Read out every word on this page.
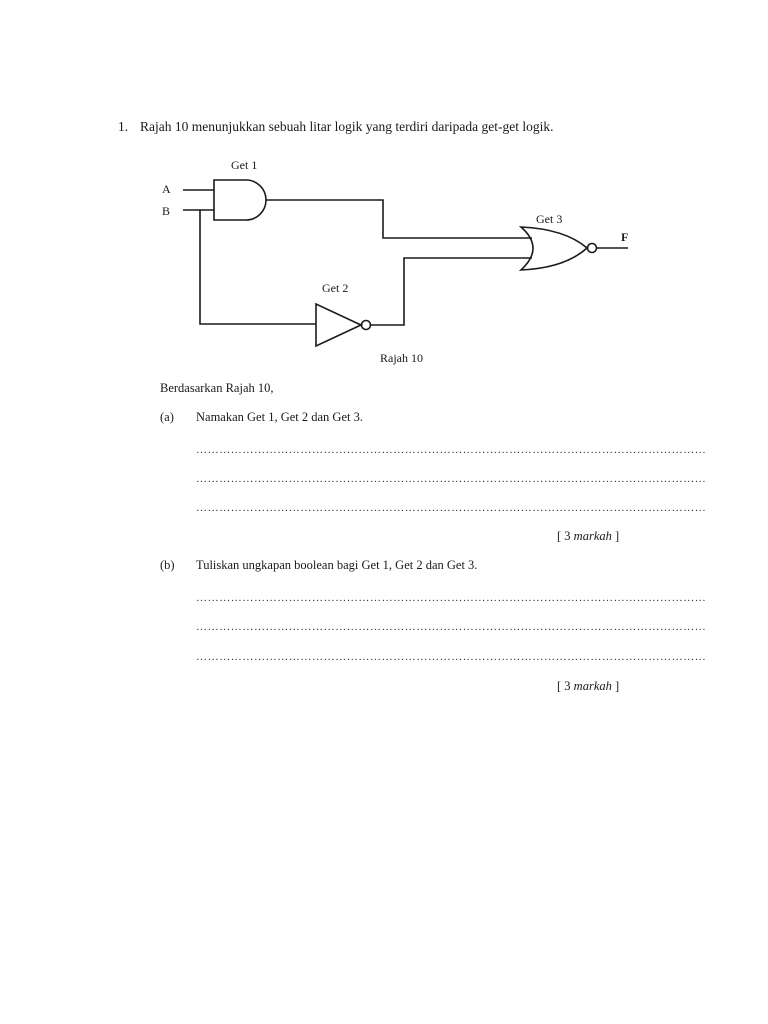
1. Rajah 10 menunjukkan sebuah litar logik yang terdiri daripada get-get logik.
Get 1
A
B
Get 3
F
Get 2
Rajah 10
Berdasarkan Rajah 10,
(a) Namakan Get 1, Get 2 dan Get 3.
……………………………………………………………………………………………………………………
……………………………………………………………………………………………………………………
……………………………………………………………………………………………………………………
[ 3 markah ]
(b) Tuliskan ungkapan boolean bagi Get 1, Get 2 dan Get 3.
……………………………………………………………………………………………………………………
……………………………………………………………………………………………………………………
……………………………………………………………………………………………………………………
[ 3 markah ]
